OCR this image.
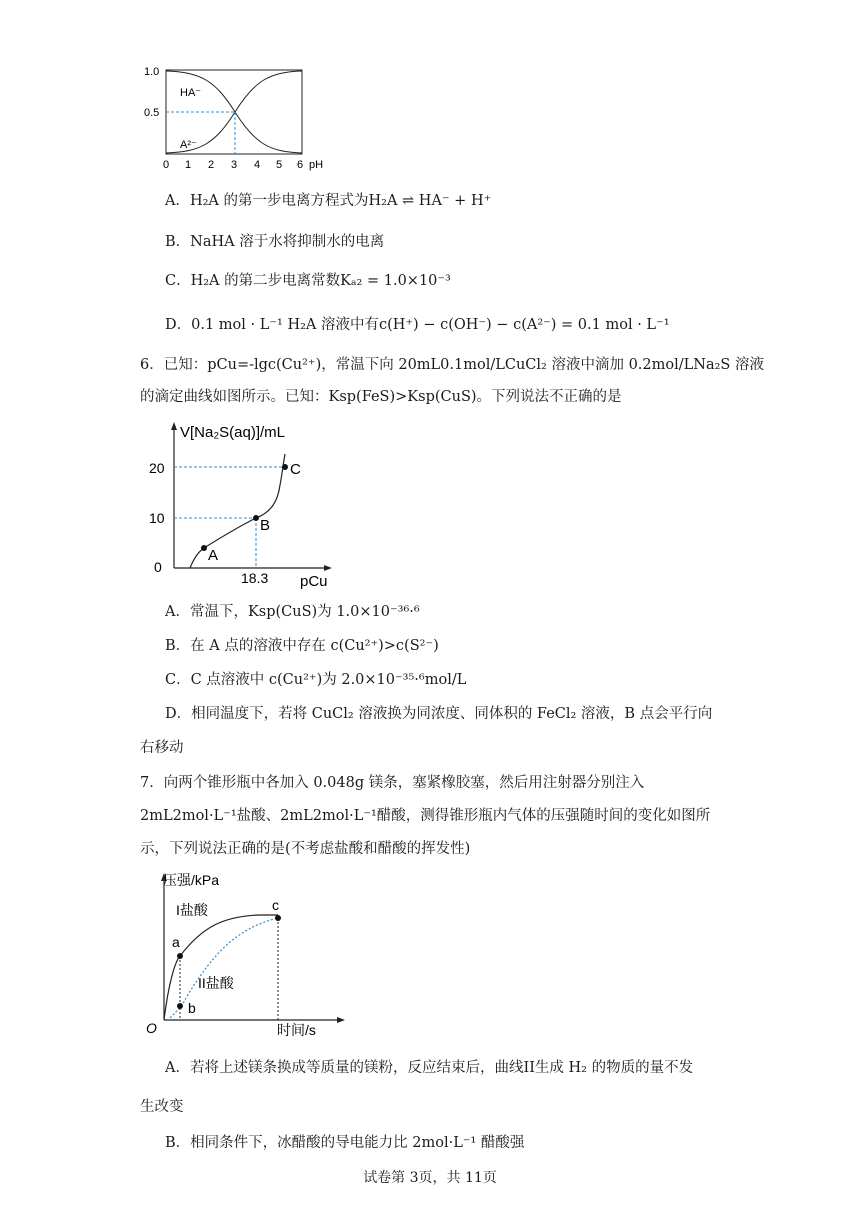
1.0
0.5
HA⁻
A²⁻
0 1 2 3 4 5 6 pH
A．H₂A 的第一步电离方程式为H₂A ⇌ HA⁻ + H⁺
B．NaHA 溶于水将抑制水的电离
C．H₂A 的第二步电离常数Kₐ₂ = 1.0×10⁻³
D．0.1 mol · L⁻¹ H₂A 溶液中有c(H⁺) − c(OH⁻) − c(A²⁻) = 0.1 mol · L⁻¹
6．已知：pCu=-lgc(Cu²⁺)，常温下向 20mL0.1mol/LCuCl₂ 溶液中滴加 0.2mol/LNa₂S 溶液
的滴定曲线如图所示。已知：Ksp(FeS)>Ksp(CuS)。下列说法不正确的是
V[Na₂S(aq)]/mL
20
10
0
A
B
C
18.3 pCu
A．常温下，Ksp(CuS)为 1.0×10⁻³⁶·⁶
B．在 A 点的溶液中存在 c(Cu²⁺)>c(S²⁻)
C．C 点溶液中 c(Cu²⁺)为 2.0×10⁻³⁵·⁶mol/L
D．相同温度下，若将 CuCl₂ 溶液换为同浓度、同体积的 FeCl₂ 溶液，B 点会平行向
右移动
7．向两个锥形瓶中各加入 0.048g 镁条，塞紧橡胶塞，然后用注射器分别注入
2mL2mol·L⁻¹盐酸、2mL2mol·L⁻¹醋酸，测得锥形瓶内气体的压强随时间的变化如图所
示，下列说法正确的是(不考虑盐酸和醋酸的挥发性)
压强/kPa
O	时间/s
a
b
c
I盐酸
II盐酸
A．若将上述镁条换成等质量的镁粉，反应结束后，曲线II生成 H₂ 的物质的量不发
生改变
B．相同条件下，冰醋酸的导电能力比 2mol·L⁻¹ 醋酸强
试卷第 3页，共 11页
